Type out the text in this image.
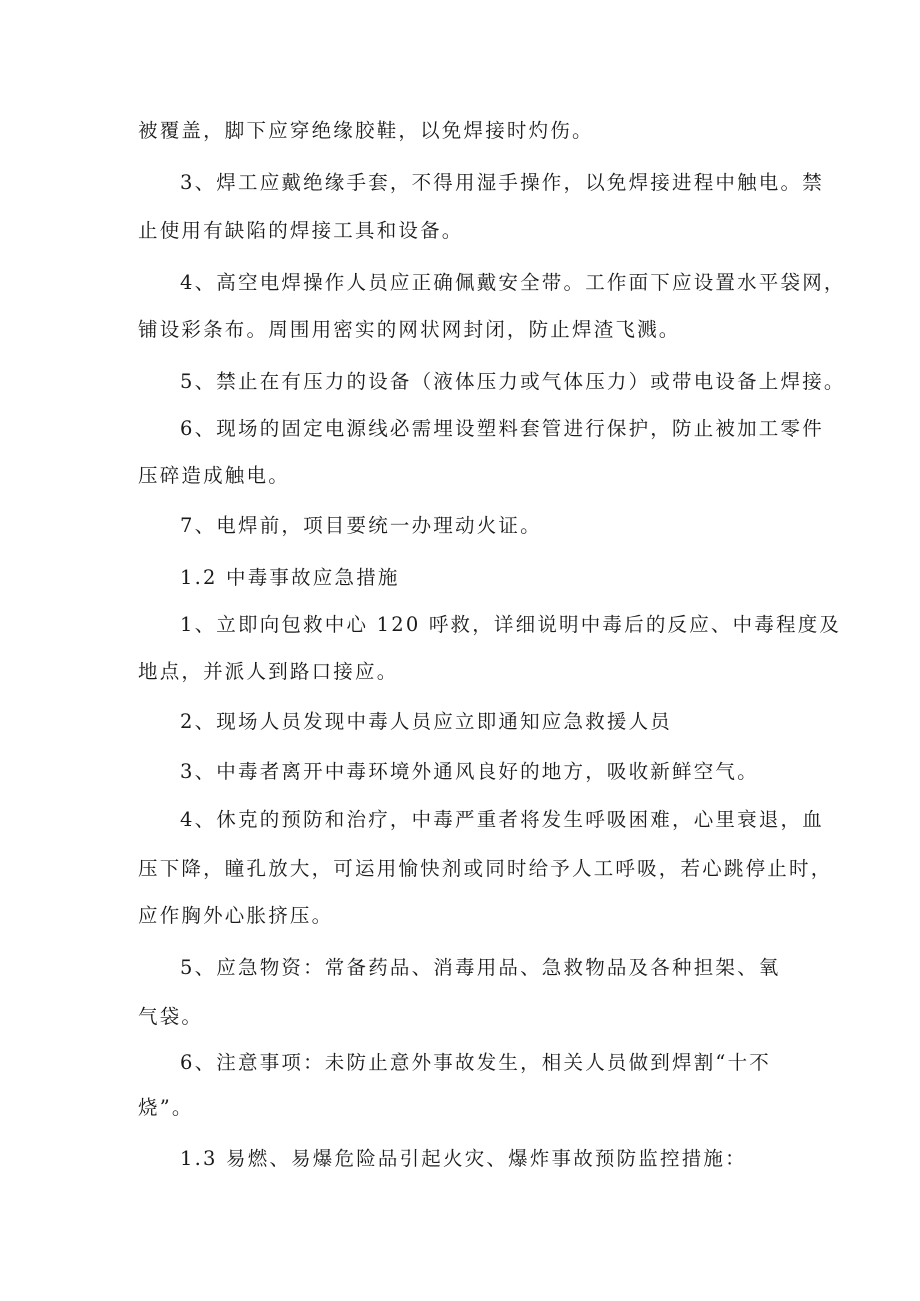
被覆盖，脚下应穿绝缘胶鞋，以免焊接时灼伤。
3、焊工应戴绝缘手套，不得用湿手操作，以免焊接进程中触电。禁
止使用有缺陷的焊接工具和设备。
4、高空电焊操作人员应正确佩戴安全带。工作面下应设置水平袋网，
铺设彩条布。周围用密实的网状网封闭，防止焊渣飞溅。
5、禁止在有压力的设备（液体压力或气体压力）或带电设备上焊接。
6、现场的固定电源线必需埋设塑料套管进行保护，防止被加工零件
压碎造成触电。
7、电焊前，项目要统一办理动火证。
1.2 中毒事故应急措施
1、立即向包救中心 120 呼救，详细说明中毒后的反应、中毒程度及
地点，并派人到路口接应。
2、现场人员发现中毒人员应立即通知应急救援人员
3、中毒者离开中毒环境外通风良好的地方，吸收新鲜空气。
4、休克的预防和治疗，中毒严重者将发生呼吸困难，心里衰退，血
压下降，瞳孔放大，可运用愉快剂或同时给予人工呼吸，若心跳停止时，
应作胸外心胀挤压。
5、应急物资：常备药品、消毒用品、急救物品及各种担架、氧
气袋。
6、注意事项：未防止意外事故发生，相关人员做到焊割“十不
烧”。
1.3 易燃、易爆危险品引起火灾、爆炸事故预防监控措施：
